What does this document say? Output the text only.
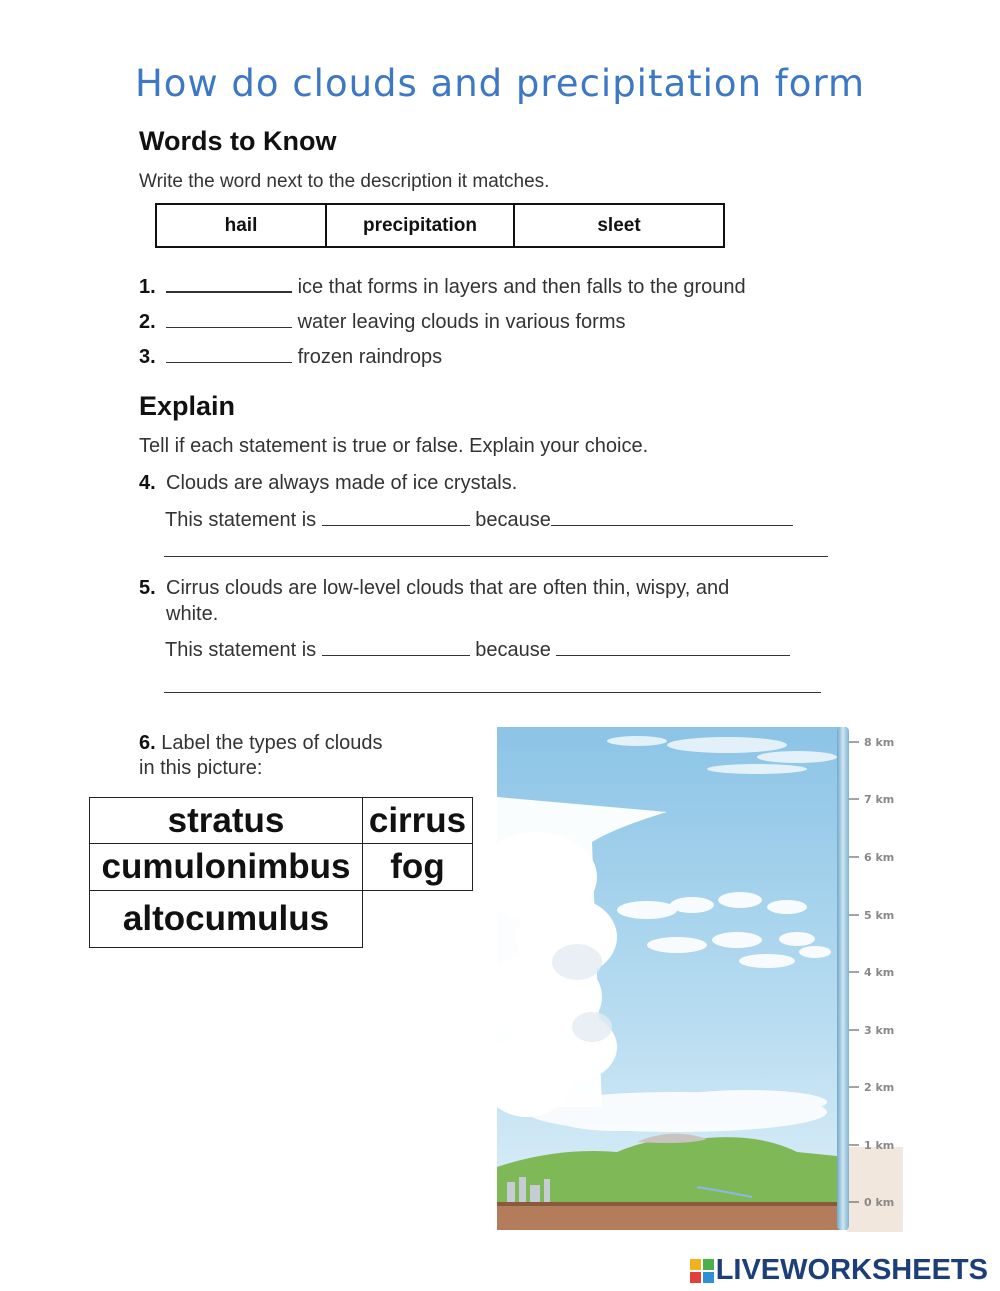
How do clouds and precipitation form
Words to Know
Write the word next to the description it matches.
hail	precipitation	sleet
1.	ice that forms in layers and then falls to the ground
2.	water leaving clouds in various forms
3.	frozen raindrops
Explain
Tell if each statement is true or false. Explain your choice.
4. Clouds are always made of ice crystals.
This statement is	because
5. Cirrus clouds are low-level clouds that are often thin, wispy, and
white.
This statement is	because
6. Label the types of clouds
in this picture:
stratus	cirrus
cumulonimbus	fog
altocumulus
8 km
7 km
6 km
5 km
4 km
3 km
2 km
1 km
0 km
LIVEWORKSHEETS
